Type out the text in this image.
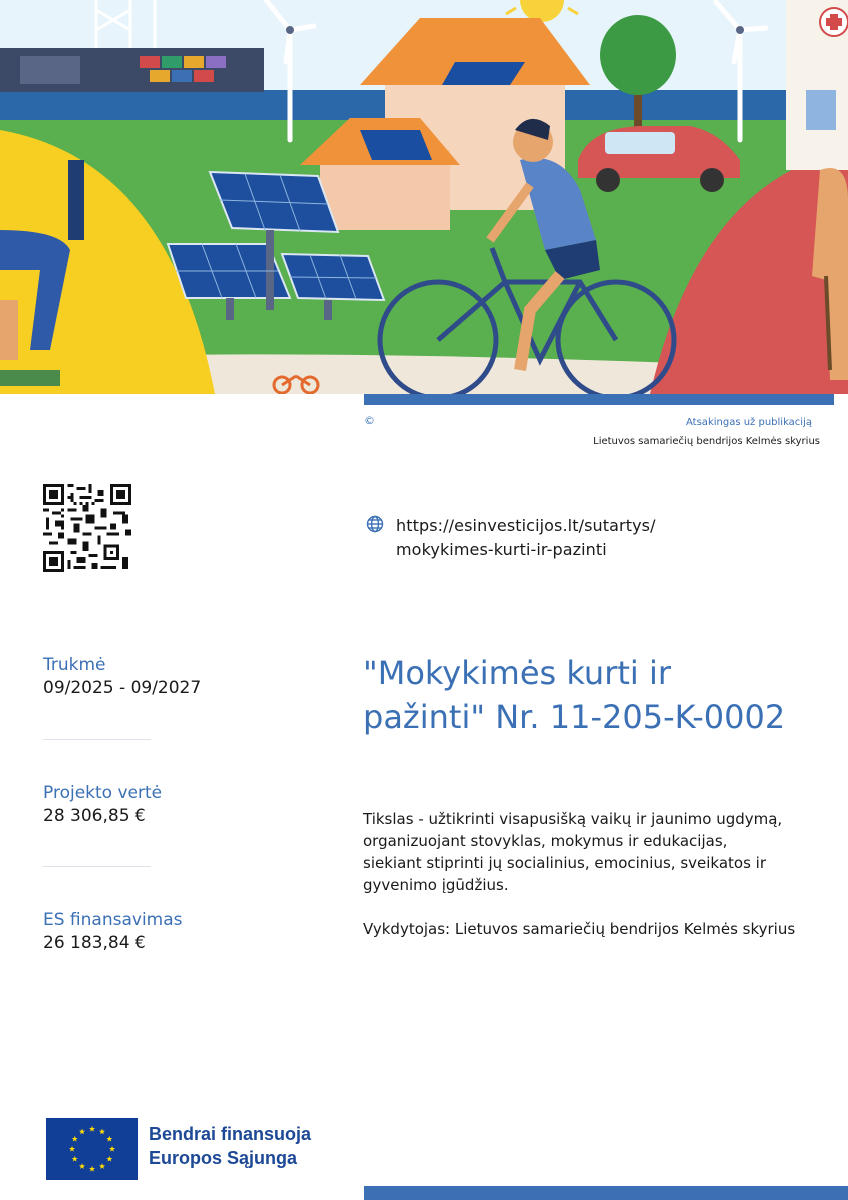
©	Atsakingas už publikaciją
Lietuvos samariečių bendrijos Kelmės skyrius
https://esinvesticijos.lt/sutartys/
mokykimes-kurti-ir-pazinti
Trukmė
09/2025 - 09/2027
Projekto vertė
28 306,85 €
ES finansavimas
26 183,84 €
"Mokykimės kurti ir pažinti" Nr. 11-205-K-0002

Tikslas - užtikrinti visapusišką vaikų ir jaunimo ugdymą, organizuojant stovyklas, mokymus ir edukacijas,
siekiant stiprinti jų socialinius, emocinius, sveikatos ir gyvenimo įgūdžius.

Vykdytojas: Lietuvos samariečių bendrijos Kelmės skyrius

Bendrai finansuoja
Europos Sąjunga
